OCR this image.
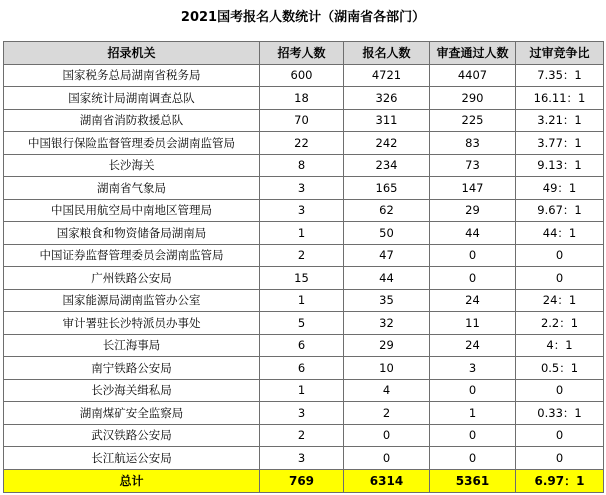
2021国考报名人数统计（湖南省各部门）
招录机关	招考人数	报名人数	审查通过人数	过审竞争比
国家税务总局湖南省税务局	600	4721	4407	7.35：1
国家统计局湖南调查总队	18	326	290	16.11：1
湖南省消防救援总队	70	311	225	3.21：1
中国银行保险监督管理委员会湖南监管局	22	242	83	3.77：1
长沙海关	8	234	73	9.13：1
湖南省气象局	3	165	147	49：1
中国民用航空局中南地区管理局	3	62	29	9.67：1
国家粮食和物资储备局湖南局	1	50	44	44：1
中国证券监督管理委员会湖南监管局	2	47	0	0
广州铁路公安局	15	44	0	0
国家能源局湖南监管办公室	1	35	24	24：1
审计署驻长沙特派员办事处	5	32	11	2.2：1
长江海事局	6	29	24	4：1
南宁铁路公安局	6	10	3	0.5：1
长沙海关缉私局	1	4	0	0
湖南煤矿安全监察局	3	2	1	0.33：1
武汉铁路公安局	2	0	0	0
长江航运公安局	3	0	0	0
总计	769	6314	5361	6.97：1
